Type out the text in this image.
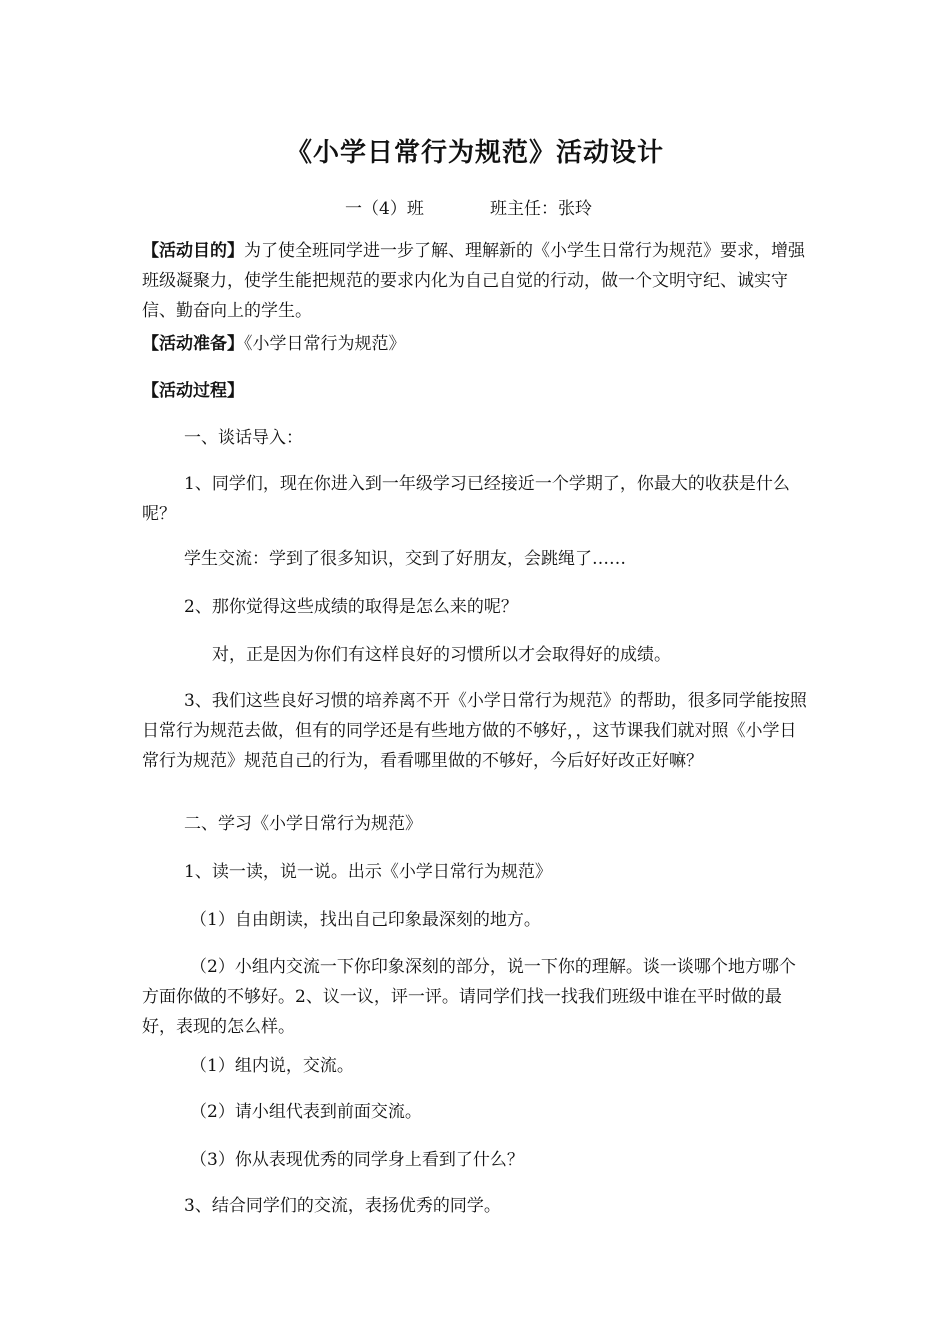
《小学日常行为规范》活动设计
一（4）班	班主任：张玲
【活动目的】为了使全班同学进一步了解、理解新的《小学生日常行为规范》要求，增强班级凝聚力，使学生能把规范的要求内化为自己自觉的行动，做一个文明守纪、诚实守信、勤奋向上的学生。
【活动准备】《小学日常行为规范》
【活动过程】
一、谈话导入：
1、同学们，现在你进入到一年级学习已经接近一个学期了，你最大的收获是什么呢？
学生交流：学到了很多知识，交到了好朋友，会跳绳了……
2、那你觉得这些成绩的取得是怎么来的呢？
对，正是因为你们有这样良好的习惯所以才会取得好的成绩。
3、我们这些良好习惯的培养离不开《小学日常行为规范》的帮助，很多同学能按照日常行为规范去做，但有的同学还是有些地方做的不够好，，这节课我们就对照《小学日常行为规范》规范自己的行为，看看哪里做的不够好，今后好好改正好嘛？
二、学习《小学日常行为规范》
1、读一读，说一说。出示《小学日常行为规范》
（1）自由朗读，找出自己印象最深刻的地方。
（2）小组内交流一下你印象深刻的部分，说一下你的理解。谈一谈哪个地方哪个方面你做的不够好。2、议一议，评一评。请同学们找一找我们班级中谁在平时做的最好，表现的怎么样。
（1）组内说，交流。
（2）请小组代表到前面交流。
（3）你从表现优秀的同学身上看到了什么？
3、结合同学们的交流，表扬优秀的同学。
